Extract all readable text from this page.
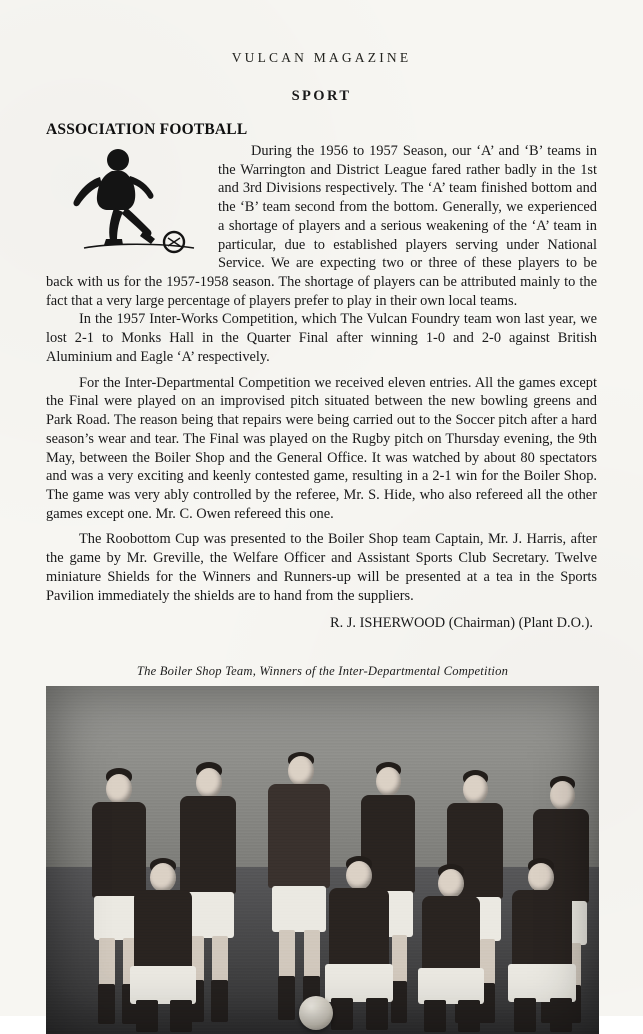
VULCAN MAGAZINE
SPORT
ASSOCIATION FOOTBALL

During the 1956 to 1957 Season, our ‘A’ and ‘B’ teams in the Warrington and District League fared rather badly in the 1st and 3rd Divisions respectively. The ‘A’ team finished bottom and the ‘B’ team second from the bottom. Generally, we experienced a shortage of players and a serious weakening of the ‘A’ team in particular, due to established players serving under National Service. We are expecting two or three of these players to be back with us for the 1957-1958 season. The shortage of players can be attributed mainly to the fact that a very large percentage of players prefer to play in their own local teams.

In the 1957 Inter-Works Competition, which The Vulcan Foundry team won last year, we lost 2-1 to Monks Hall in the Quarter Final after winning 1-0 and 2-0 against British Aluminium and Eagle ‘A’ respectively.

For the Inter-Departmental Competition we received eleven entries. All the games except the Final were played on an improvised pitch situated between the new bowling greens and Park Road. The reason being that repairs were being carried out to the Soccer pitch after a hard season’s wear and tear. The Final was played on the Rugby pitch on Thursday evening, the 9th May, between the Boiler Shop and the General Office. It was watched by about 80 spectators and was a very exciting and keenly contested game, resulting in a 2-1 win for the Boiler Shop. The game was very ably controlled by the referee, Mr. S. Hide, who also refereed all the other games except one. Mr. C. Owen refereed this one.

The Roobottom Cup was presented to the Boiler Shop team Captain, Mr. J. Harris, after the game by Mr. Greville, the Welfare Officer and Assistant Sports Club Secretary. Twelve miniature Shields for the Winners and Runners-up will be presented at a tea in the Sports Pavilion immediately the shields are to hand from the suppliers.

R. J. ISHERWOOD (Chairman) (Plant D.O.).
The Boiler Shop Team, Winners of the Inter-Departmental Competition
